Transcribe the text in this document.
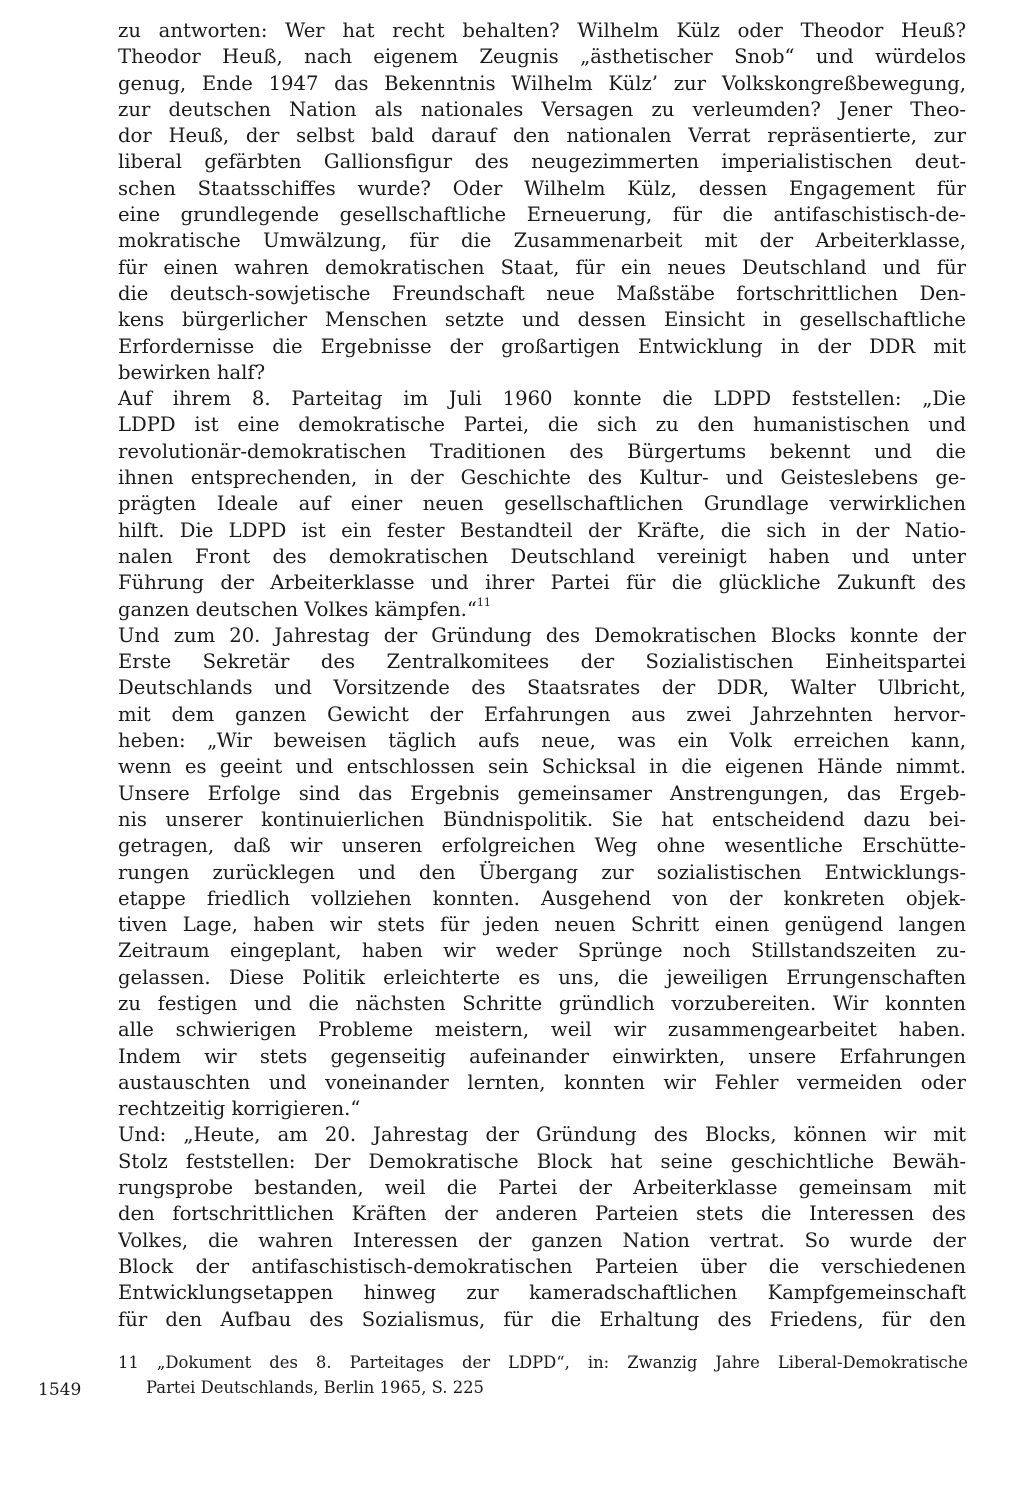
zu antworten: Wer hat recht behalten? Wilhelm Külz oder Theodor Heuß?
Theodor Heuß, nach eigenem Zeugnis „ästhetischer Snob“ und würdelos
genug, Ende 1947 das Bekenntnis Wilhelm Külz’ zur Volkskongreßbewegung,
zur deutschen Nation als nationales Versagen zu verleumden? Jener Theo-
dor Heuß, der selbst bald darauf den nationalen Verrat repräsentierte, zur
liberal gefärbten Gallionsfigur des neugezimmerten imperialistischen deut-
schen Staatsschiffes wurde? Oder Wilhelm Külz, dessen Engagement für
eine grundlegende gesellschaftliche Erneuerung, für die antifaschistisch-de-
mokratische Umwälzung, für die Zusammenarbeit mit der Arbeiterklasse,
für einen wahren demokratischen Staat, für ein neues Deutschland und für
die deutsch-sowjetische Freundschaft neue Maßstäbe fortschrittlichen Den-
kens bürgerlicher Menschen setzte und dessen Einsicht in gesellschaftliche
Erfordernisse die Ergebnisse der großartigen Entwicklung in der DDR mit
bewirken half?
Auf ihrem 8. Parteitag im Juli 1960 konnte die LDPD feststellen: „Die
LDPD ist eine demokratische Partei, die sich zu den humanistischen und
revolutionär-demokratischen Traditionen des Bürgertums bekennt und die
ihnen entsprechenden, in der Geschichte des Kultur- und Geisteslebens ge-
prägten Ideale auf einer neuen gesellschaftlichen Grundlage verwirklichen
hilft. Die LDPD ist ein fester Bestandteil der Kräfte, die sich in der Natio-
nalen Front des demokratischen Deutschland vereinigt haben und unter
Führung der Arbeiterklasse und ihrer Partei für die glückliche Zukunft des
ganzen deutschen Volkes kämpfen.“$^{11}$
Und zum 20. Jahrestag der Gründung des Demokratischen Blocks konnte der
Erste Sekretär des Zentralkomitees der Sozialistischen Einheitspartei
Deutschlands und Vorsitzende des Staatsrates der DDR, Walter Ulbricht,
mit dem ganzen Gewicht der Erfahrungen aus zwei Jahrzehnten hervor-
heben: „Wir beweisen täglich aufs neue, was ein Volk erreichen kann,
wenn es geeint und entschlossen sein Schicksal in die eigenen Hände nimmt.
Unsere Erfolge sind das Ergebnis gemeinsamer Anstrengungen, das Ergeb-
nis unserer kontinuierlichen Bündnispolitik. Sie hat entscheidend dazu bei-
getragen, daß wir unseren erfolgreichen Weg ohne wesentliche Erschütte-
rungen zurücklegen und den Übergang zur sozialistischen Entwicklungs-
etappe friedlich vollziehen konnten. Ausgehend von der konkreten objek-
tiven Lage, haben wir stets für jeden neuen Schritt einen genügend langen
Zeitraum eingeplant, haben wir weder Sprünge noch Stillstandszeiten zu-
gelassen. Diese Politik erleichterte es uns, die jeweiligen Errungenschaften
zu festigen und die nächsten Schritte gründlich vorzubereiten. Wir konnten
alle schwierigen Probleme meistern, weil wir zusammengearbeitet haben.
Indem wir stets gegenseitig aufeinander einwirkten, unsere Erfahrungen
austauschten und voneinander lernten, konnten wir Fehler vermeiden oder
rechtzeitig korrigieren.“
Und: „Heute, am 20. Jahrestag der Gründung des Blocks, können wir mit
Stolz feststellen: Der Demokratische Block hat seine geschichtliche Bewäh-
rungsprobe bestanden, weil die Partei der Arbeiterklasse gemeinsam mit
den fortschrittlichen Kräften der anderen Parteien stets die Interessen des
Volkes, die wahren Interessen der ganzen Nation vertrat. So wurde der
Block der antifaschistisch-demokratischen Parteien über die verschiedenen
Entwicklungsetappen hinweg zur kameradschaftlichen Kampfgemeinschaft
für den Aufbau des Sozialismus, für die Erhaltung des Friedens, für den
11 „Dokument des 8. Parteitages der LDPD“, in: Zwanzig Jahre Liberal-Demokratische
Partei Deutschlands, Berlin 1965, S. 225
1549
